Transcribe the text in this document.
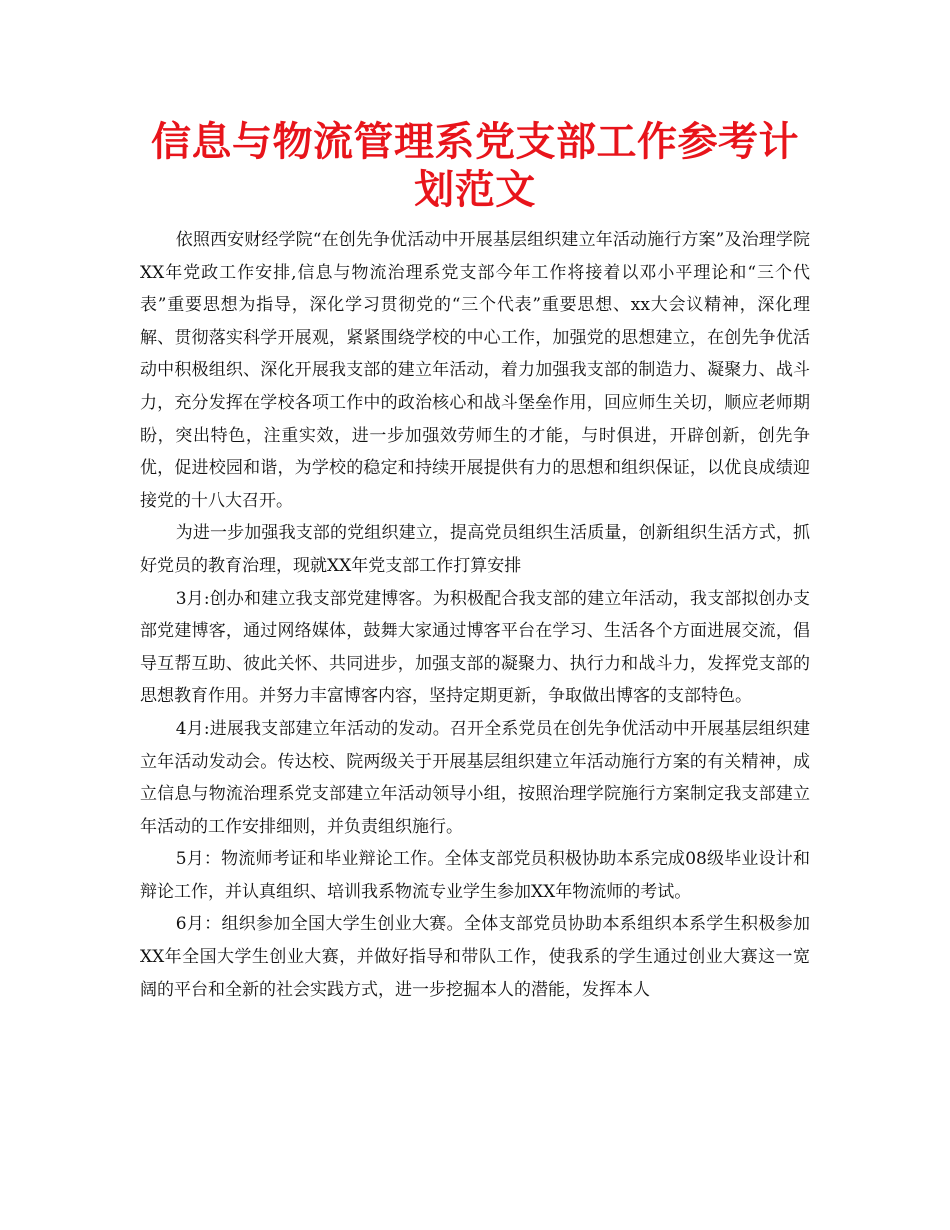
信息与物流管理系党支部工作参考计划范文

依照西安财经学院“在创先争优活动中开展基层组织建立年活动施行方案”及治理学院XX年党政工作安排,信息与物流治理系党支部今年工作将接着以邓小平理论和“三个代表”重要思想为指导，深化学习贯彻党的“三个代表”重要思想、xx大会议精神，深化理解、贯彻落实科学开展观，紧紧围绕学校的中心工作，加强党的思想建立，在创先争优活动中积极组织、深化开展我支部的建立年活动，着力加强我支部的制造力、凝聚力、战斗力，充分发挥在学校各项工作中的政治核心和战斗堡垒作用，回应师生关切，顺应老师期盼，突出特色，注重实效，进一步加强效劳师生的才能，与时俱进，开辟创新，创先争优，促进校园和谐，为学校的稳定和持续开展提供有力的思想和组织保证，以优良成绩迎接党的十八大召开。

为进一步加强我支部的党组织建立，提高党员组织生活质量，创新组织生活方式，抓好党员的教育治理，现就XX年党支部工作打算安排

3月:创办和建立我支部党建博客。为积极配合我支部的建立年活动，我支部拟创办支部党建博客，通过网络媒体，鼓舞大家通过博客平台在学习、生活各个方面进展交流，倡导互帮互助、彼此关怀、共同进步，加强支部的凝聚力、执行力和战斗力，发挥党支部的思想教育作用。并努力丰富博客内容，坚持定期更新，争取做出博客的支部特色。

4月:进展我支部建立年活动的发动。召开全系党员在创先争优活动中开展基层组织建立年活动发动会。传达校、院两级关于开展基层组织建立年活动施行方案的有关精神，成立信息与物流治理系党支部建立年活动领导小组，按照治理学院施行方案制定我支部建立年活动的工作安排细则，并负责组织施行。

5月：物流师考证和毕业辩论工作。全体支部党员积极协助本系完成08级毕业设计和辩论工作，并认真组织、培训我系物流专业学生参加XX年物流师的考试。

6月：组织参加全国大学生创业大赛。全体支部党员协助本系组织本系学生积极参加XX年全国大学生创业大赛，并做好指导和带队工作，使我系的学生通过创业大赛这一宽阔的平台和全新的社会实践方式，进一步挖掘本人的潜能，发挥本人
